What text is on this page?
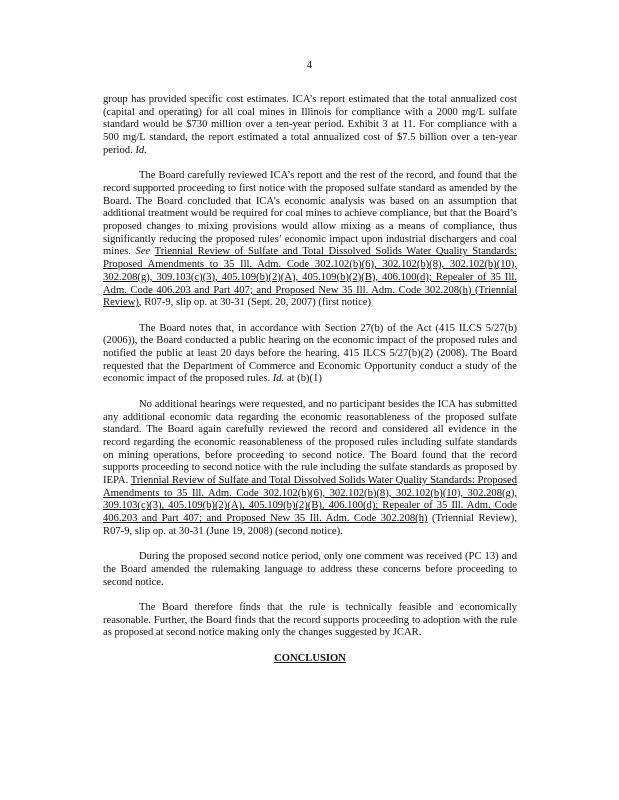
4

group has provided specific cost estimates. ICA’s report estimated that the total annualized cost (capital and operating) for all coal mines in Illinois for compliance with a 2000 mg/L sulfate standard would be $730 million over a ten-year period. Exhibit 3 at 11. For compliance with a 500 mg/L standard, the report estimated a total annualized cost of $7.5 billion over a ten-year period. Id.

The Board carefully reviewed ICA’s report and the rest of the record, and found that the record supported proceeding to first notice with the proposed sulfate standard as amended by the Board. The Board concluded that ICA’s economic analysis was based on an assumption that additional treatment would be required for coal mines to achieve compliance, but that the Board’s proposed changes to mixing provisions would allow mixing as a means of compliance, thus significantly reducing the proposed rules’ economic impact upon industrial dischargers and coal mines. See Triennial Review of Sulfate and Total Dissolved Solids Water Quality Standards: Proposed Amendments to 35 Ill. Adm. Code 302.102(b)(6), 302.102(b)(8), 302.102(b)(10), 302.208(g), 309.103(c)(3), 405.109(b)(2)(A), 405.109(b)(2)(B), 406.100(d); Repealer of 35 Ill. Adm. Code 406.203 and Part 407; and Proposed New 35 Ill. Adm. Code 302.208(h) (Triennial Review), R07-9, slip op. at 30-31 (Sept. 20, 2007) (first notice)

The Board notes that, in accordance with Section 27(b) of the Act (415 ILCS 5/27(b) (2006)), the Board conducted a public hearing on the economic impact of the proposed rules and notified the public at least 20 days before the hearing. 415 ILCS 5/27(b)(2) (2008). The Board requested that the Department of Commerce and Economic Opportunity conduct a study of the economic impact of the proposed rules. Id. at (b)(1)

No additional hearings were requested, and no participant besides the ICA has submitted any additional economic data regarding the economic reasonableness of the proposed sulfate standard. The Board again carefully reviewed the record and considered all evidence in the record regarding the economic reasonableness of the proposed rules including sulfate standards on mining operations, before proceeding to second notice. The Board found that the record supports proceeding to second notice with the rule including the sulfate standards as proposed by IEPA. Triennial Review of Sulfate and Total Dissolved Solids Water Quality Standards: Proposed Amendments to 35 Ill. Adm. Code 302.102(b)(6), 302.102(b)(8), 302.102(b)(10), 302.208(g), 309.103(c)(3), 405.109(b)(2)(A), 405.109(b)(2)(B), 406.100(d); Repealer of 35 Ill. Adm. Code 406.203 and Part 407; and Proposed New 35 Ill. Adm. Code 302.208(h) (Triennial Review), R07-9, slip op. at 30-31 (June 19, 2008) (second notice).

During the proposed second notice period, only one comment was received (PC 13) and the Board amended the rulemaking language to address these concerns before proceeding to second notice.

The Board therefore finds that the rule is technically feasible and economically reasonable. Further, the Board finds that the record supports proceeding to adoption with the rule as proposed at second notice making only the changes suggested by JCAR.

CONCLUSION
